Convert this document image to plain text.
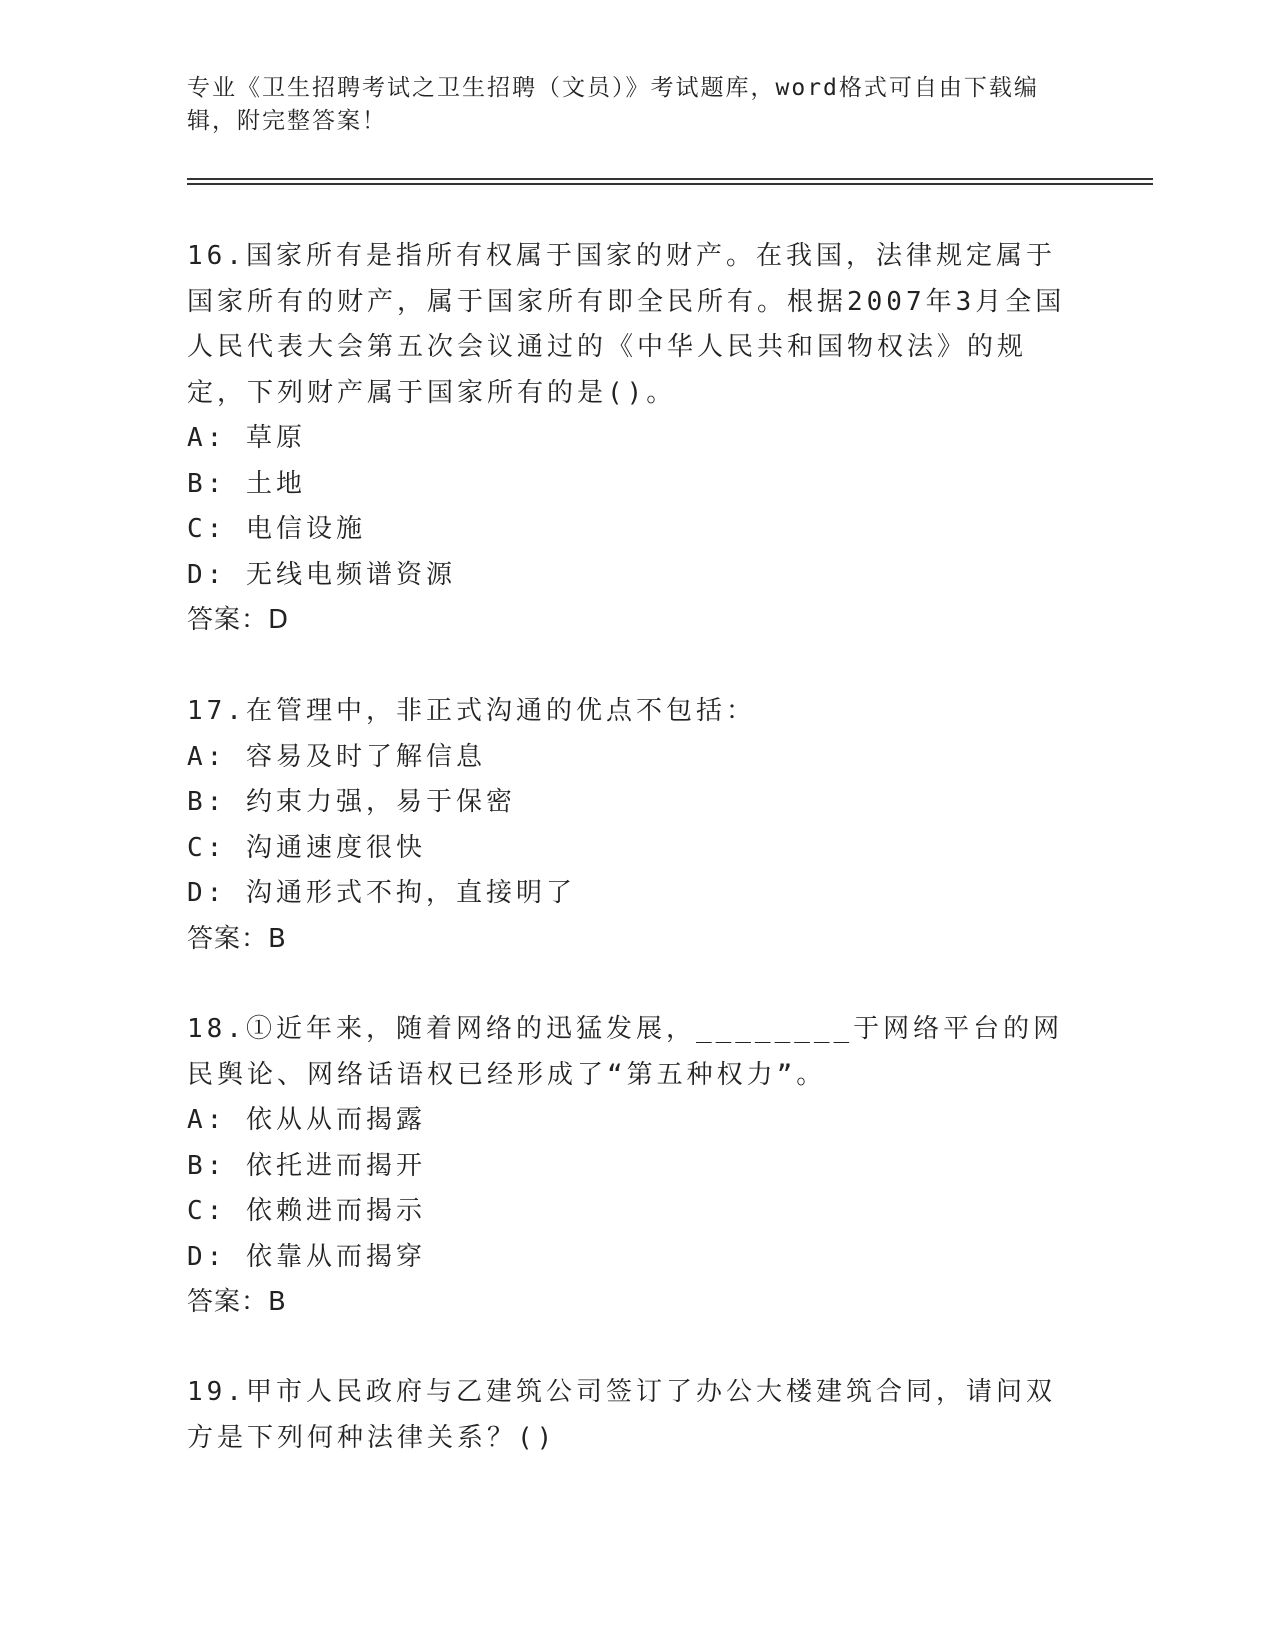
专业《卫生招聘考试之卫生招聘（文员）》考试题库，word格式可自由下载编辑，附完整答案！

16.国家所有是指所有权属于国家的财产。在我国，法律规定属于国家所有的财产，属于国家所有即全民所有。根据2007年3月全国人民代表大会第五次会议通过的《中华人民共和国物权法》的规定，下列财产属于国家所有的是()。

A: 草原

B: 土地

C: 电信设施

D: 无线电频谱资源

答案：D

17.在管理中，非正式沟通的优点不包括：

A: 容易及时了解信息

B: 约束力强，易于保密

C: 沟通速度很快

D: 沟通形式不拘，直接明了

答案：B

18.①近年来，随着网络的迅猛发展，________于网络平台的网民舆论、网络话语权已经形成了“第五种权力”。

A: 依从从而揭露

B: 依托进而揭开

C: 依赖进而揭示

D: 依靠从而揭穿

答案：B

19.甲市人民政府与乙建筑公司签订了办公大楼建筑合同，请问双方是下列何种法律关系？()
